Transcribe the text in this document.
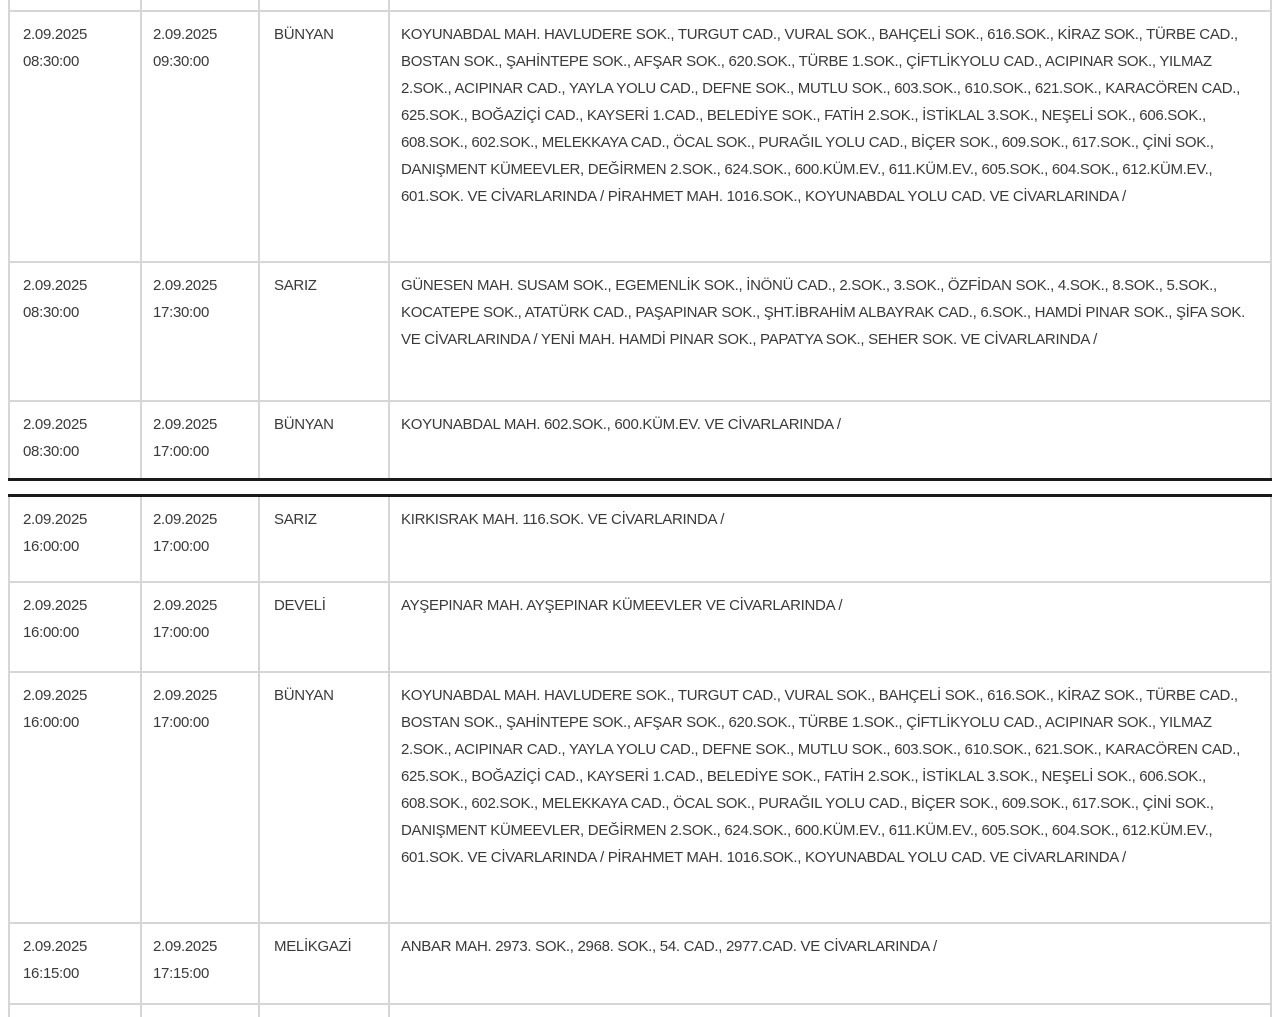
2.09.2025
08:30:00	2.09.2025
09:30:00	BÜNYAN	KOYUNABDAL MAH. HAVLUDERE SOK., TURGUT CAD., VURAL SOK., BAHÇELİ SOK., 616.SOK., KİRAZ SOK., TÜRBE CAD., BOSTAN SOK., ŞAHİNTEPE SOK., AFŞAR SOK., 620.SOK., TÜRBE 1.SOK., ÇİFTLİKYOLU CAD., ACIPINAR SOK., YILMAZ 2.SOK., ACIPINAR CAD., YAYLA YOLU CAD., DEFNE SOK., MUTLU SOK., 603.SOK., 610.SOK., 621.SOK., KARACÖREN CAD., 625.SOK., BOĞAZİÇİ CAD., KAYSERİ 1.CAD., BELEDİYE SOK., FATİH 2.SOK., İSTİKLAL 3.SOK., NEŞELİ SOK., 606.SOK., 608.SOK., 602.SOK., MELEKKAYA CAD., ÖCAL SOK., PURAĞIL YOLU CAD., BİÇER SOK., 609.SOK., 617.SOK., ÇİNİ SOK., DANIŞMENT KÜMEEVLER, DEĞİRMEN 2.SOK., 624.SOK., 600.KÜM.EV., 611.KÜM.EV., 605.SOK., 604.SOK., 612.KÜM.EV., 601.SOK. VE CİVARLARINDA / PİRAHMET MAH. 1016.SOK., KOYUNABDAL YOLU CAD. VE CİVARLARINDA /

2.09.2025
08:30:00	2.09.2025
17:30:00	SARIZ	GÜNESEN MAH. SUSAM SOK., EGEMENLİK SOK., İNÖNÜ CAD., 2.SOK., 3.SOK., ÖZFİDAN SOK., 4.SOK., 8.SOK., 5.SOK., KOCATEPE SOK., ATATÜRK CAD., PAŞAPINAR SOK., ŞHT.İBRAHİM ALBAYRAK CAD., 6.SOK., HAMDİ PINAR SOK., ŞİFA SOK. VE CİVARLARINDA / YENİ MAH. HAMDİ PINAR SOK., PAPATYA SOK., SEHER SOK. VE CİVARLARINDA /

2.09.2025
08:30:00	2.09.2025
17:00:00	BÜNYAN	KOYUNABDAL MAH. 602.SOK., 600.KÜM.EV. VE CİVARLARINDA /
2.09.2025
16:00:00	2.09.2025
17:00:00	SARIZ	KIRKISRAK MAH. 116.SOK. VE CİVARLARINDA /

2.09.2025
16:00:00	2.09.2025
17:00:00	DEVELİ	AYŞEPINAR MAH. AYŞEPINAR KÜMEEVLER VE CİVARLARINDA /

2.09.2025
16:00:00	2.09.2025
17:00:00	BÜNYAN	KOYUNABDAL MAH. HAVLUDERE SOK., TURGUT CAD., VURAL SOK., BAHÇELİ SOK., 616.SOK., KİRAZ SOK., TÜRBE CAD., BOSTAN SOK., ŞAHİNTEPE SOK., AFŞAR SOK., 620.SOK., TÜRBE 1.SOK., ÇİFTLİKYOLU CAD., ACIPINAR SOK., YILMAZ 2.SOK., ACIPINAR CAD., YAYLA YOLU CAD., DEFNE SOK., MUTLU SOK., 603.SOK., 610.SOK., 621.SOK., KARACÖREN CAD., 625.SOK., BOĞAZİÇİ CAD., KAYSERİ 1.CAD., BELEDİYE SOK., FATİH 2.SOK., İSTİKLAL 3.SOK., NEŞELİ SOK., 606.SOK., 608.SOK., 602.SOK., MELEKKAYA CAD., ÖCAL SOK., PURAĞIL YOLU CAD., BİÇER SOK., 609.SOK., 617.SOK., ÇİNİ SOK., DANIŞMENT KÜMEEVLER, DEĞİRMEN 2.SOK., 624.SOK., 600.KÜM.EV., 611.KÜM.EV., 605.SOK., 604.SOK., 612.KÜM.EV., 601.SOK. VE CİVARLARINDA / PİRAHMET MAH. 1016.SOK., KOYUNABDAL YOLU CAD. VE CİVARLARINDA /

2.09.2025
16:15:00	2.09.2025
17:15:00	MELİKGAZİ	ANBAR MAH. 2973. SOK., 2968. SOK., 54. CAD., 2977.CAD. VE CİVARLARINDA /
